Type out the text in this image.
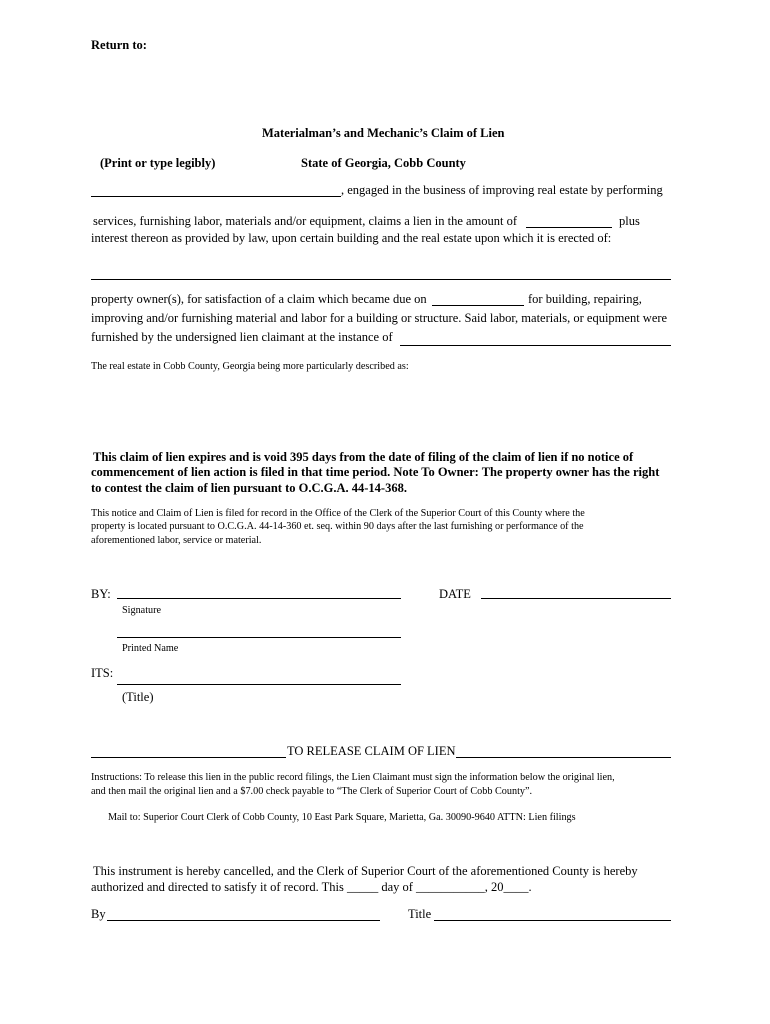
Return to:
Materialman’s and Mechanic’s Claim of Lien
(Print or type legibly)	State of Georgia, Cobb County
, engaged in the business of improving real estate by performing
services, furnishing labor, materials and/or equipment, claims a lien in the amount of	plus
interest thereon as provided by law, upon certain building and the real estate upon which it is erected of:
property owner(s), for satisfaction of a claim which became due on	for building, repairing,
improving and/or furnishing material and labor for a building or structure. Said labor, materials, or equipment were
furnished by the undersigned lien claimant at the instance of
The real estate in Cobb County, Georgia being more particularly described as:
This claim of lien expires and is void 395 days from the date of filing of the claim of lien if no notice of
commencement of lien action is filed in that time period. Note To Owner: The property owner has the right
to contest the claim of lien pursuant to O.C.G.A. 44-14-368.
This notice and Claim of Lien is filed for record in the Office of the Clerk of the Superior Court of this County where the
property is located pursuant to O.C.G.A. 44-14-360 et. seq. within 90 days after the last furnishing or performance of the
aforementioned labor, service or material.
BY:	DATE
Signature
Printed Name
ITS:
(Title)
TO RELEASE CLAIM OF LIEN
Instructions: To release this lien in the public record filings, the Lien Claimant must sign the information below the original lien,
and then mail the original lien and a $7.00 check payable to “The Clerk of Superior Court of Cobb County”.
Mail to: Superior Court Clerk of Cobb County, 10 East Park Square, Marietta, Ga. 30090-9640 ATTN: Lien filings
This instrument is hereby cancelled, and the Clerk of Superior Court of the aforementioned County is hereby
authorized and directed to satisfy it of record. This _____ day of ___________, 20____.
By	Title
